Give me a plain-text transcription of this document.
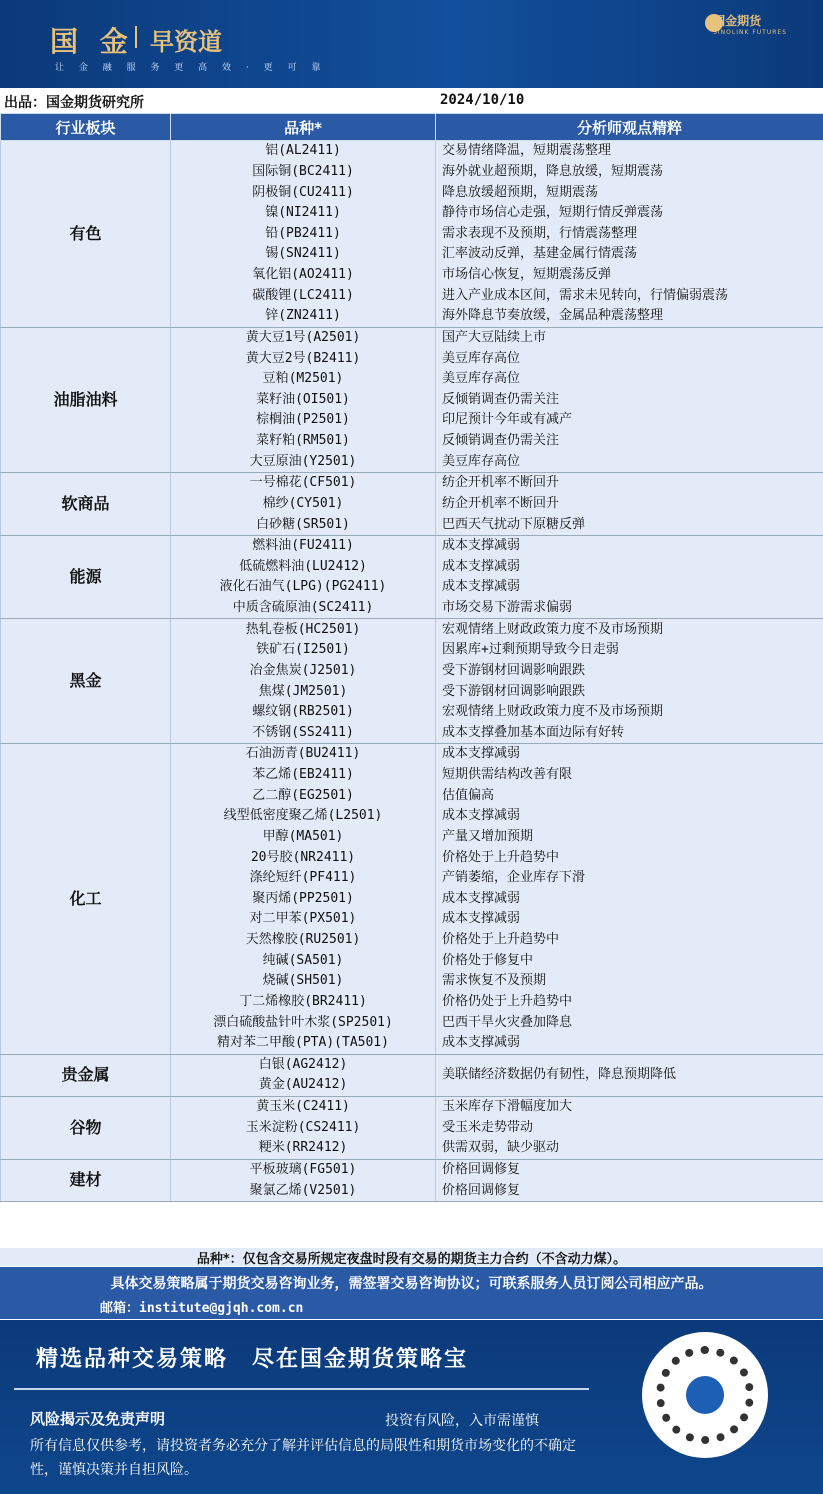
国 金 早资道
让 金 融 服 务 更 高 效 · 更 可 靠
国金期货
SINOLINK FUTURES
出品：国金期货研究所	2024/10/10
行业板块	品种*	分析师观点精粹
有色	铝(AL2411)	交易情绪降温，短期震荡整理
	国际铜(BC2411)	海外就业超预期，降息放缓，短期震荡
	阴极铜(CU2411)	降息放缓超预期，短期震荡
	镍(NI2411)	静待市场信心走强，短期行情反弹震荡
	铅(PB2411)	需求表现不及预期，行情震荡整理
	锡(SN2411)	汇率波动反弹，基建金属行情震荡
	氧化铝(AO2411)	市场信心恢复，短期震荡反弹
	碳酸锂(LC2411)	进入产业成本区间，需求未见转向，行情偏弱震荡
	锌(ZN2411)	海外降息节奏放缓，金属品种震荡整理
油脂油料	黄大豆1号(A2501)	国产大豆陆续上市
	黄大豆2号(B2411)	美豆库存高位
	豆粕(M2501)	美豆库存高位
	菜籽油(OI501)	反倾销调查仍需关注
	棕榈油(P2501)	印尼预计今年或有减产
	菜籽粕(RM501)	反倾销调查仍需关注
	大豆原油(Y2501)	美豆库存高位
软商品	一号棉花(CF501)	纺企开机率不断回升
	棉纱(CY501)	纺企开机率不断回升
	白砂糖(SR501)	巴西天气扰动下原糖反弹
能源	燃料油(FU2411)	成本支撑减弱
	低硫燃料油(LU2412)	成本支撑减弱
	液化石油气(LPG)(PG2411)	成本支撑减弱
	中质含硫原油(SC2411)	市场交易下游需求偏弱
黑金	热轧卷板(HC2501)	宏观情绪上财政政策力度不及市场预期
	铁矿石(I2501)	因累库+过剩预期导致今日走弱
	冶金焦炭(J2501)	受下游钢材回调影响跟跌
	焦煤(JM2501)	受下游钢材回调影响跟跌
	螺纹钢(RB2501)	宏观情绪上财政政策力度不及市场预期
	不锈钢(SS2411)	成本支撑叠加基本面边际有好转
化工	石油沥青(BU2411)	成本支撑减弱
	苯乙烯(EB2411)	短期供需结构改善有限
	乙二醇(EG2501)	估值偏高
	线型低密度聚乙烯(L2501)	成本支撑减弱
	甲醇(MA501)	产量又增加预期
	20号胶(NR2411)	价格处于上升趋势中
	涤纶短纤(PF411)	产销萎缩，企业库存下滑
	聚丙烯(PP2501)	成本支撑减弱
	对二甲苯(PX501)	成本支撑减弱
	天然橡胶(RU2501)	价格处于上升趋势中
	纯碱(SA501)	价格处于修复中
	烧碱(SH501)	需求恢复不及预期
	丁二烯橡胶(BR2411)	价格仍处于上升趋势中
	漂白硫酸盐针叶木浆(SP2501)	巴西干旱火灾叠加降息
	精对苯二甲酸(PTA)(TA501)	成本支撑减弱
贵金属	白银(AG2412)	美联储经济数据仍有韧性，降息预期降低
	黄金(AU2412)	
谷物	黄玉米(C2411)	玉米库存下滑幅度加大
	玉米淀粉(CS2411)	受玉米走势带动
	粳米(RR2412)	供需双弱，缺少驱动
建材	平板玻璃(FG501)	价格回调修复
	聚氯乙烯(V2501)	价格回调修复
品种*：仅包含交易所规定夜盘时段有交易的期货主力合约（不含动力煤）。
具体交易策略属于期货交易咨询业务，需签署交易咨询协议；可联系服务人员订阅公司相应产品。
邮箱：institute@gjqh.com.cn
精选品种交易策略　尽在国金期货策略宝
风险揭示及免责声明	投资有风险，入市需谨慎
所有信息仅供参考，请投资者务必充分了解并评估信息的局限性和期货市场变化的不确定性，谨慎决策并自担风险。
